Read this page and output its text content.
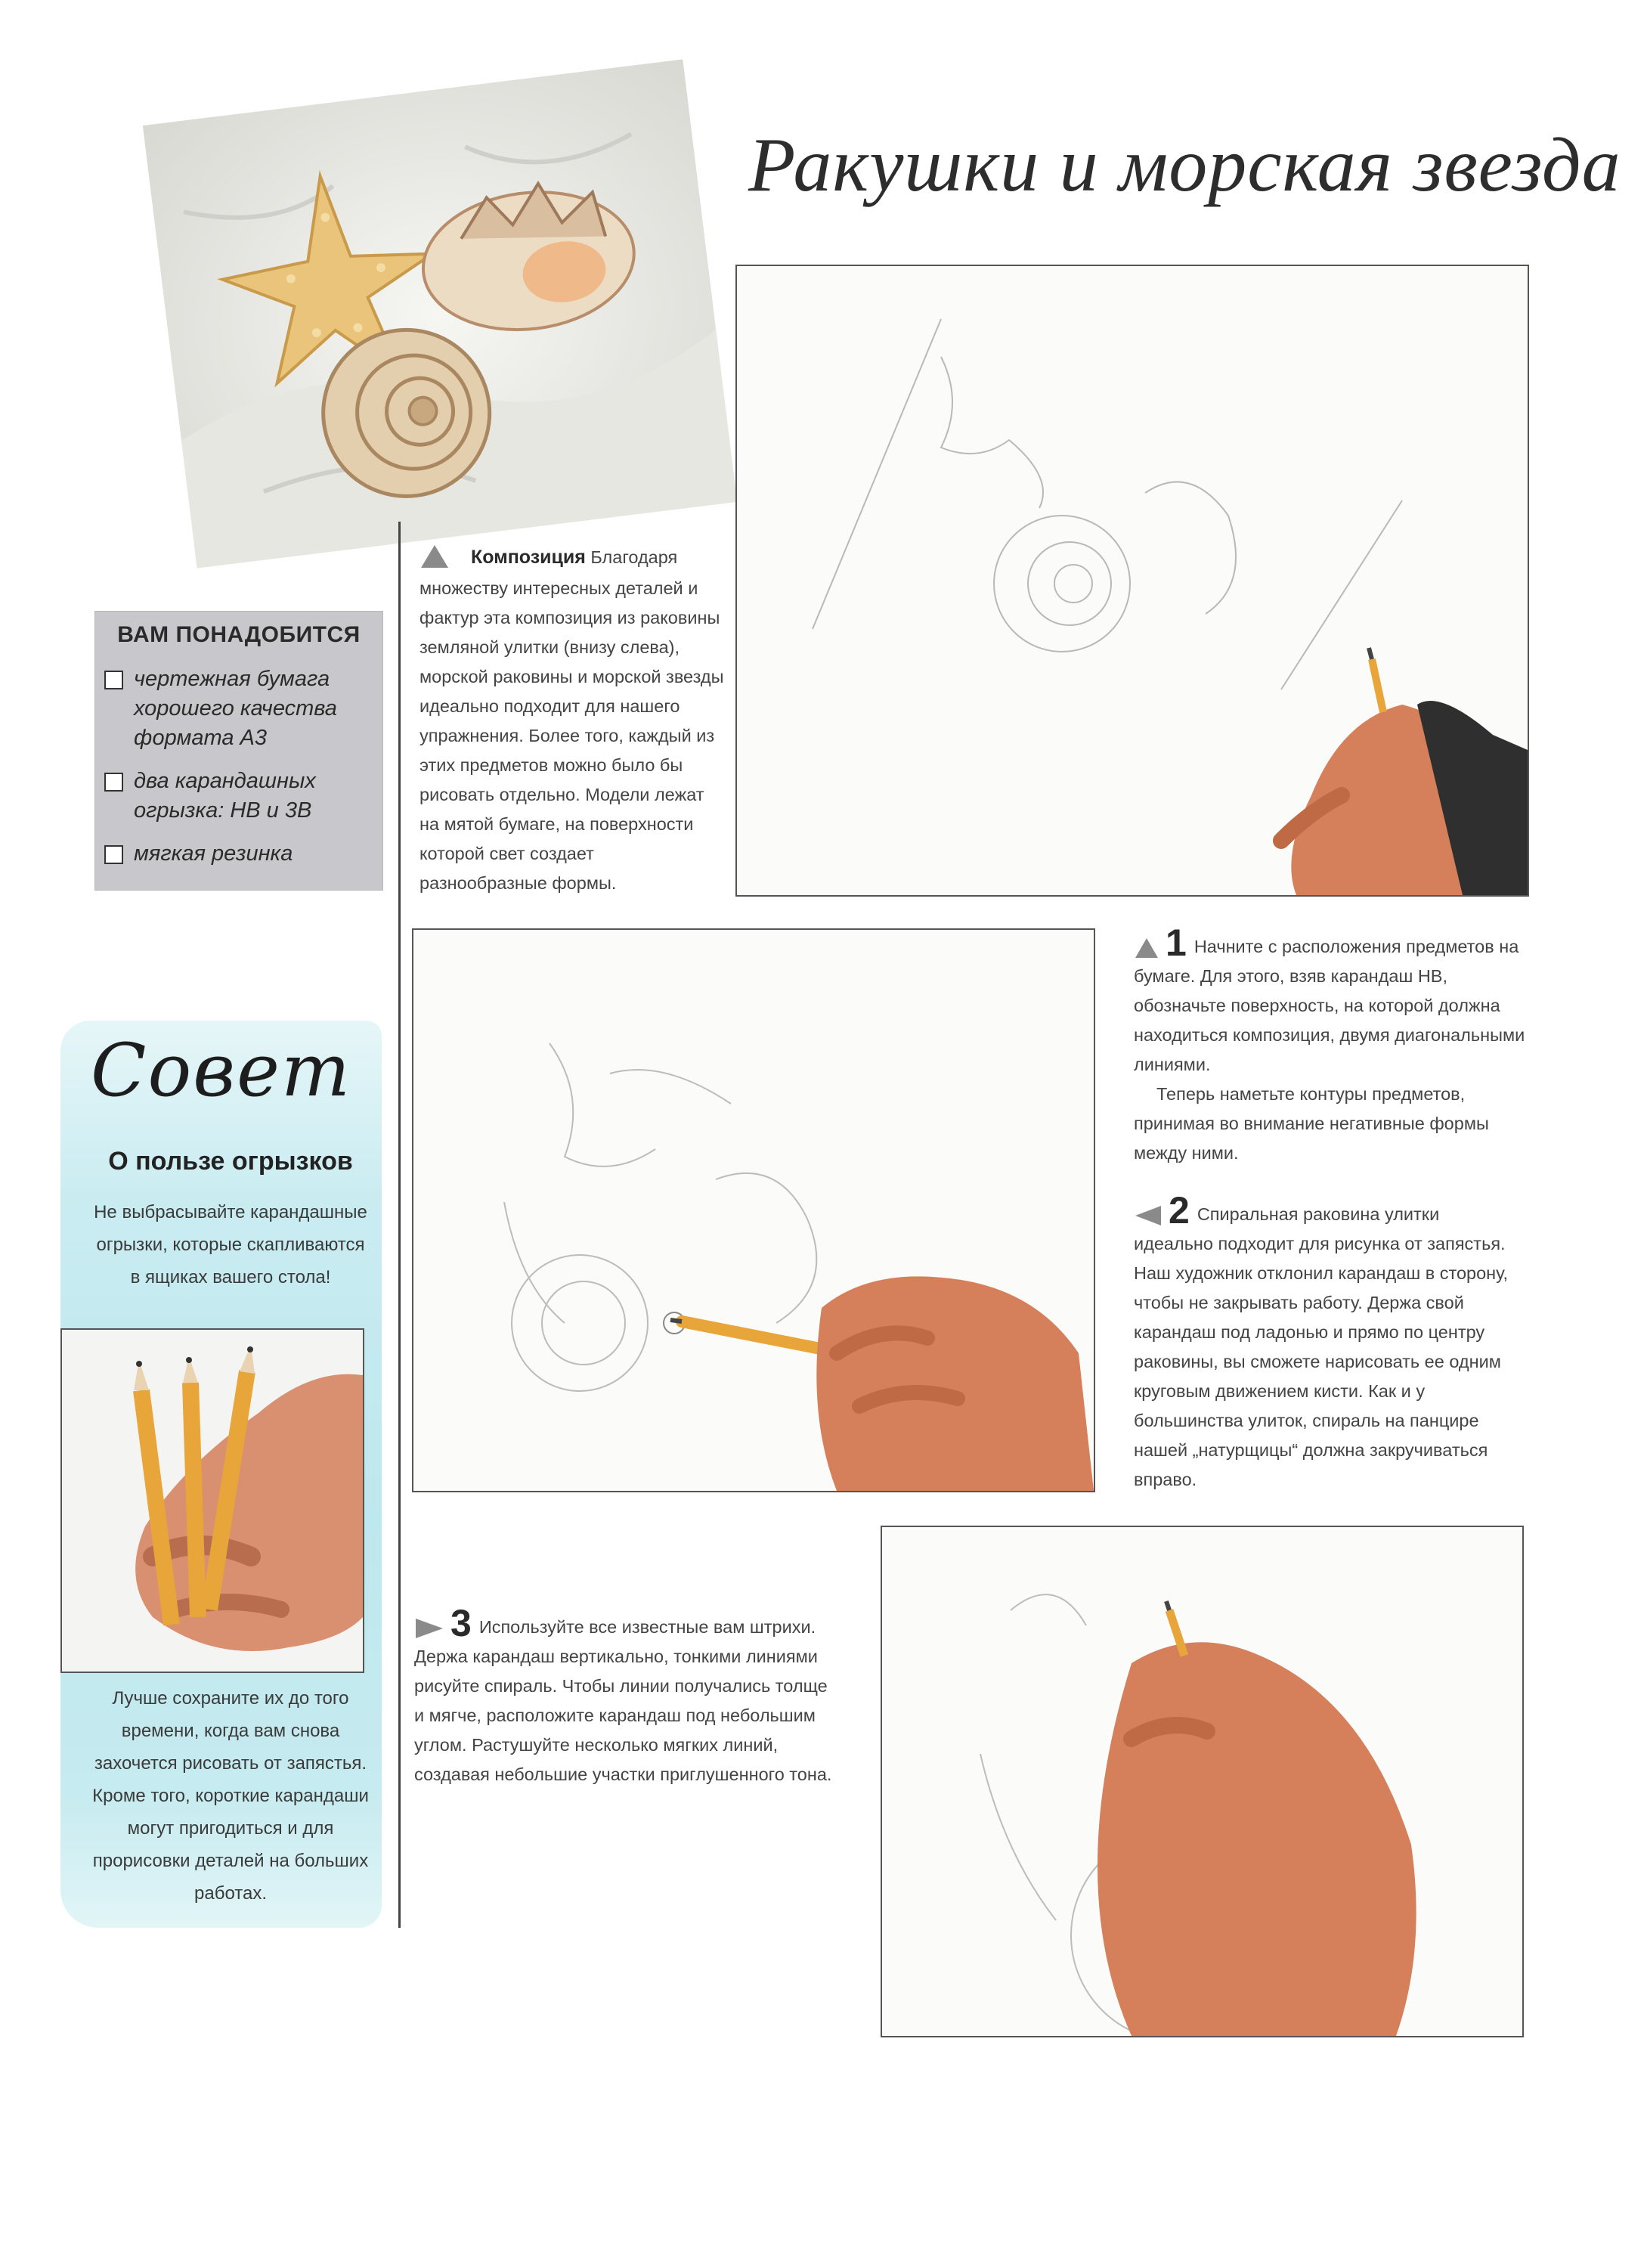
Ракушки и морская звезда
ВАМ ПОНАДОБИТСЯ
чертежная бумага хорошего качества формата А3
два карандашных огрызка: НВ и 3В
мягкая резинка
Композиция Благодаря множеству интересных деталей и фактур эта композиция из раковины земляной улитки (внизу слева), морской раковины и морской звезды идеально подходит для нашего упражнения. Более того, каждый из этих предметов можно было бы рисовать отдельно. Модели лежат на мятой бумаге, на поверхности которой свет создает разнообразные формы.
1 Начните с расположения предметов на бумаге. Для этого, взяв карандаш НВ, обозначьте поверхность, на которой должна находиться композиция, двумя диагональными линиями.
Теперь наметьте контуры предметов, принимая во внимание негативные формы между ними.
2 Спиральная раковина улитки идеально подходит для рисунка от запястья. Наш художник отклонил карандаш в сторону, чтобы не закрывать работу. Держа свой карандаш под ладонью и прямо по центру раковины, вы сможете нарисовать ее одним круговым движением кисти. Как и у большинства улиток, спираль на панцире нашей „натурщицы“ должна закручиваться вправо.
3 Используйте все известные вам штрихи. Держа карандаш вертикально, тонкими линиями рисуйте спираль. Чтобы линии получались толще и мягче, расположите карандаш под небольшим углом. Растушуйте несколько мягких линий, создавая небольшие участки приглушенного тона.
Совет
О пользе огрызков
Не выбрасывайте карандашные огрызки, которые скапливаются в ящиках вашего стола!
Лучше сохраните их до того времени, когда вам снова захочется рисовать от запястья. Кроме того, короткие карандаши могут пригодиться и для прорисовки деталей на больших работах.
